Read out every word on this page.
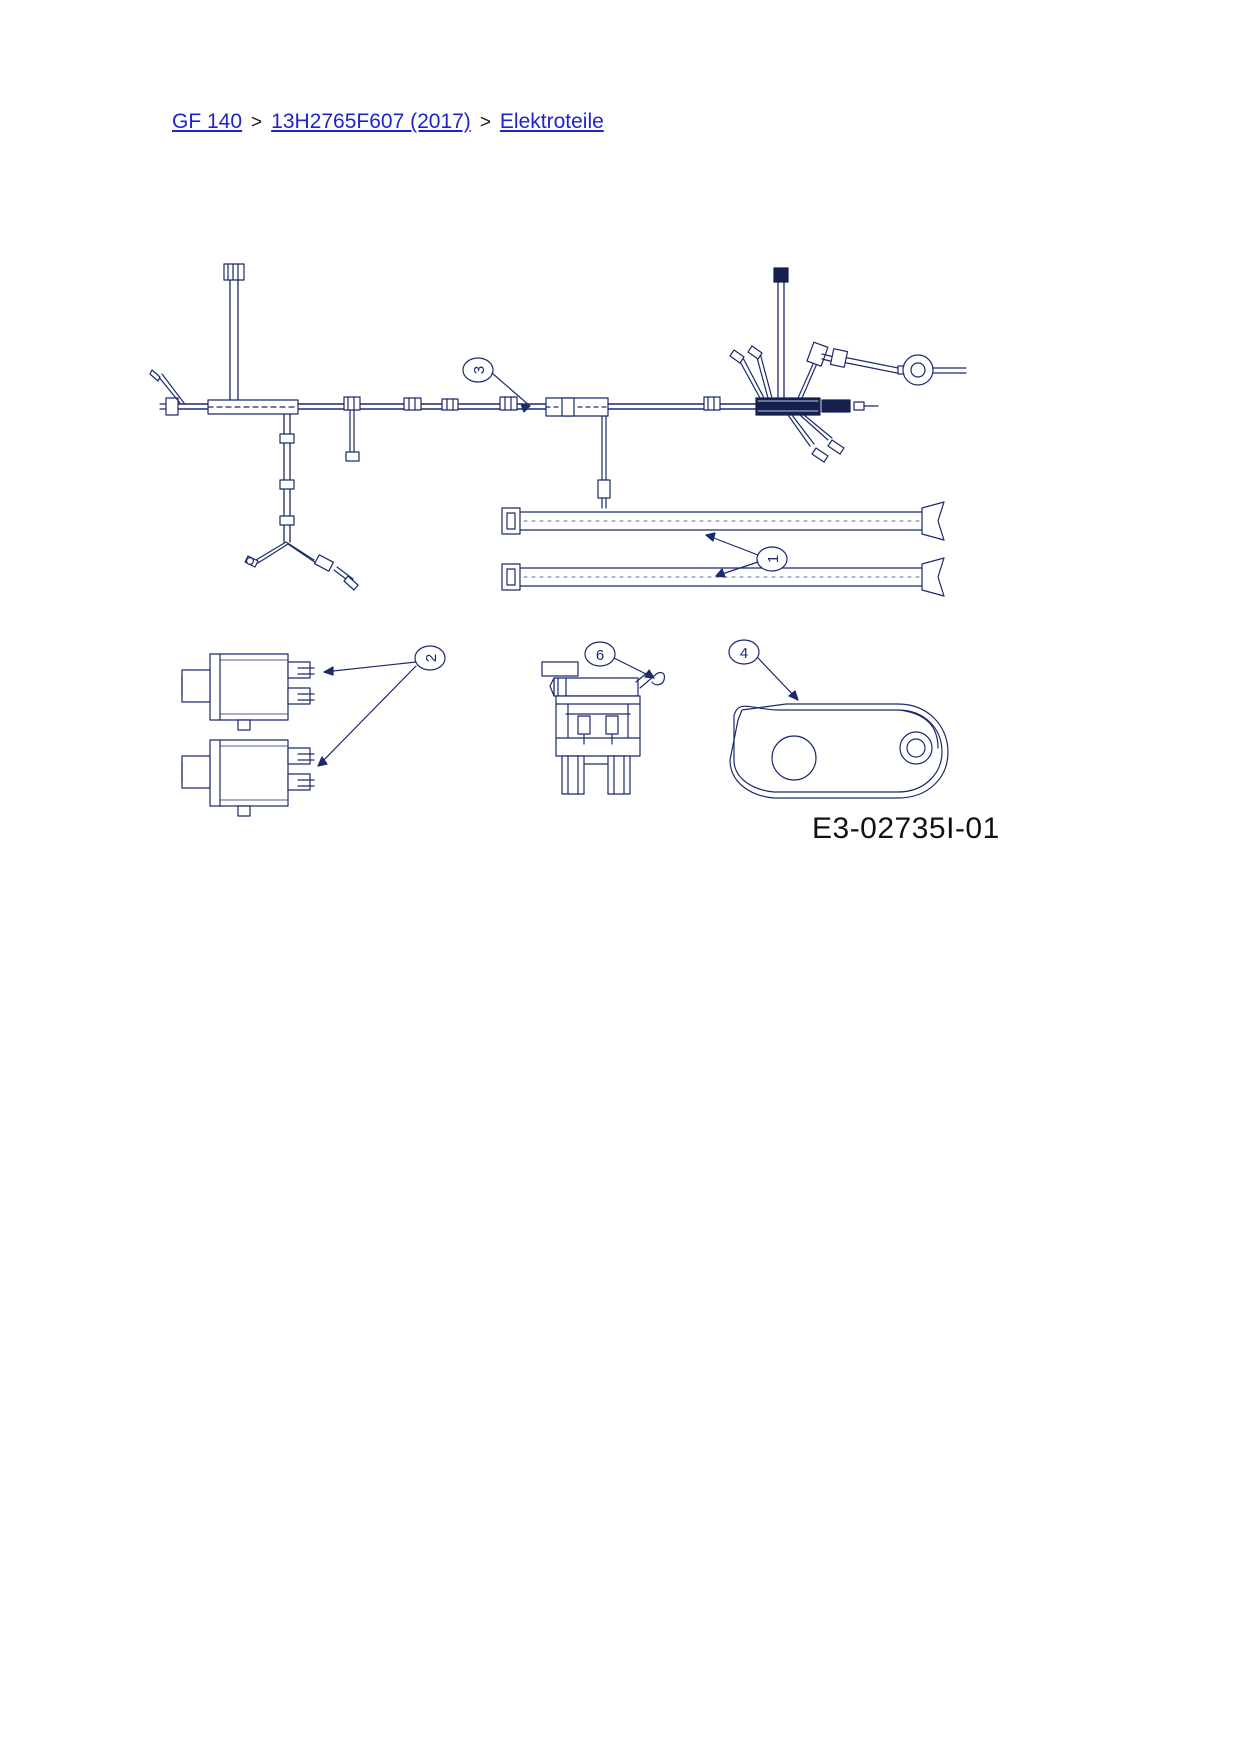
GF 140 > 13H2765F607 (2017) > Elektroteile
3
1
2	6	4
E3-02735I-01
